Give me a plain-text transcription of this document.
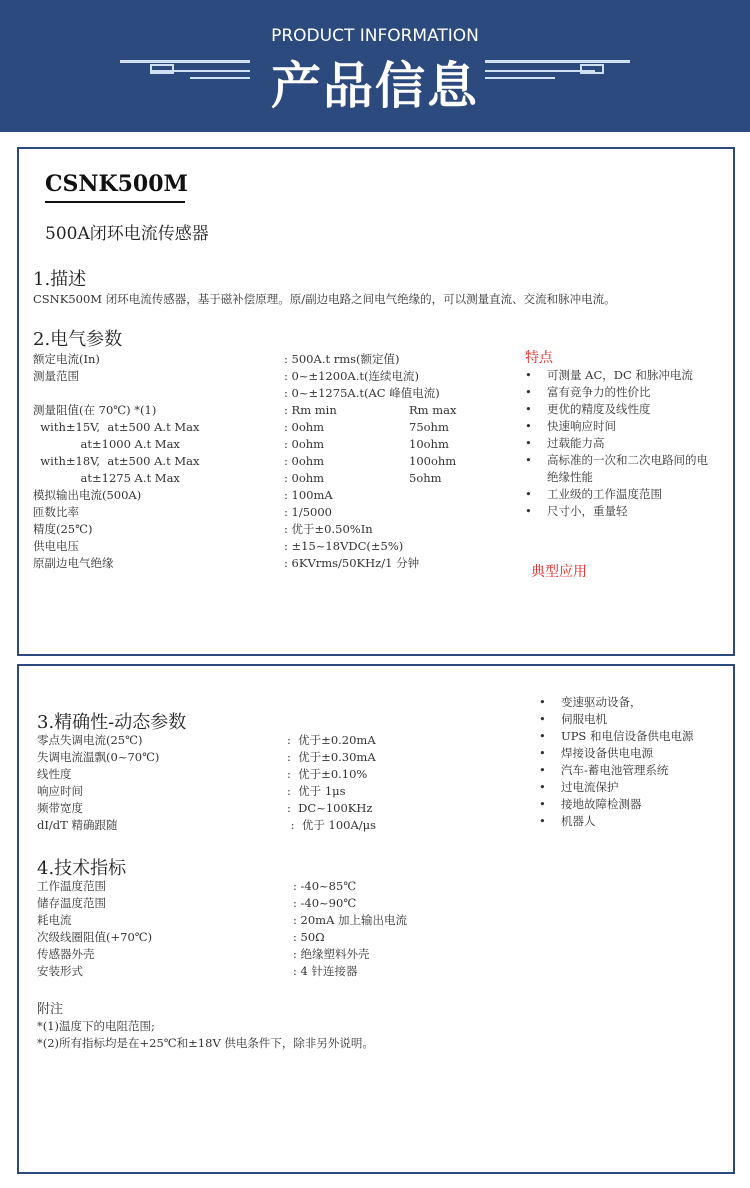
PRODUCT INFORMATION
产品信息
CSNK500M
500A闭环电流传感器
1.描述
CSNK500M 闭环电流传感器，基于磁补偿原理。原/副边电路之间电气绝缘的，可以测量直流、交流和脉冲电流。
2.电气参数
额定电流(In)	: 500A.t rms(额定值)
测量范围	: 0~±1200A.t(连续电流)
: 0~±1275A.t(AC 峰值电流)
测量阻值(在 70℃) *(1)	: Rm min	Rm max
with±15V,  at±500 A.t Max	: 0ohm	75ohm
at±1000 A.t Max	: 0ohm	10ohm
with±18V,  at±500 A.t Max	: 0ohm	100ohm
at±1275 A.t Max	: 0ohm	5ohm
模拟输出电流(500A)	: 100mA
匝数比率	: 1/5000
精度(25℃)	: 优于±0.50%In
供电电压	: ±15~18VDC(±5%)
原副边电气绝缘	: 6KVrms/50KHz/1 分钟
特点
• 可测量 AC，DC 和脉冲电流
• 富有竞争力的性价比
• 更优的精度及线性度
• 快速响应时间
• 过载能力高
• 高标准的一次和二次电路间的电
绝缘性能
• 工业级的工作温度范围
• 尺寸小，重量轻
典型应用
• 变速驱动设备，
• 伺服电机
• UPS 和电信设备供电电源
• 焊接设备供电电源
• 汽车-蓄电池管理系统
• 过电流保护
• 接地故障检测器
• 机器人
3.精确性-动态参数
零点失调电流(25℃)	:  优于±0.20mA
失调电流温飘(0~70℃)	:  优于±0.30mA
线性度	:  优于±0.10%
响应时间	:  优于 1μs
频带宽度	:  DC~100KHz
dI/dT 精确跟随	:  优于 100A/μs
4.技术指标
工作温度范围	: -40~85℃
储存温度范围	: -40~90℃
耗电流	: 20mA 加上输出电流
次级线圈阻值(+70℃)	: 50Ω
传感器外壳	: 绝缘塑料外壳
安装形式	: 4 针连接器
附注
*(1)温度下的电阻范围;
*(2)所有指标均是在+25℃和±18V 供电条件下，除非另外说明。
